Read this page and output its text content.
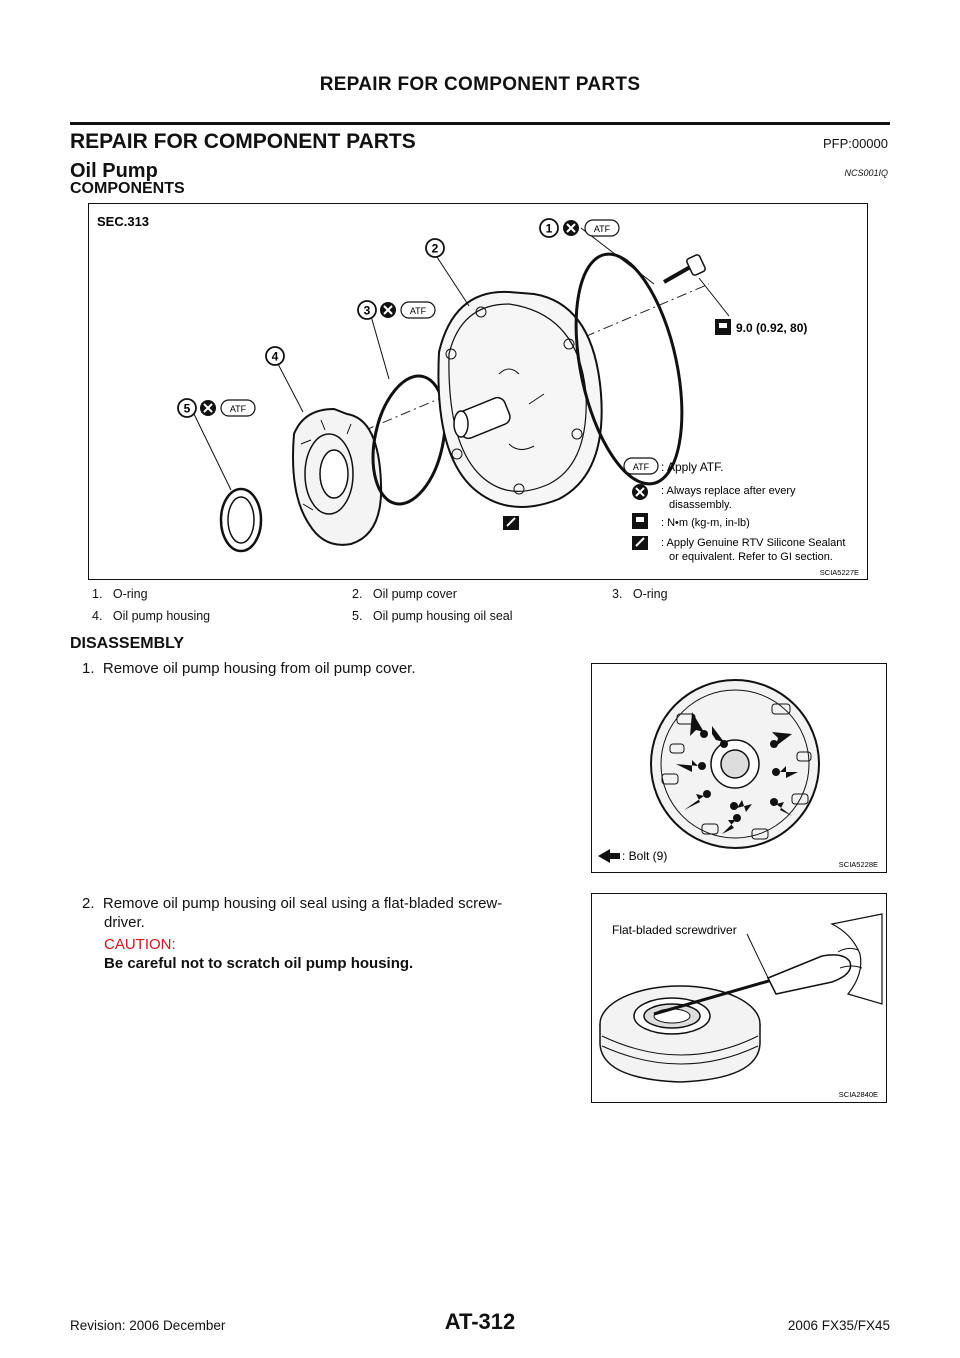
REPAIR FOR COMPONENT PARTS
REPAIR FOR COMPONENT PARTS	PFP:00000
Oil Pump	NCS001IQ
COMPONENTS
SEC.313	1	ATF
2
3	ATF
4
5	ATF
9.0 (0.92, 80)
ATF : Apply ATF.
: Always replace after every
disassembly.
: N•m (kg-m, in-lb)
: Apply Genuine RTV Silicone Sealant
or equivalent. Refer to GI section.
SCIA5227E
1. O-ring	2. Oil pump cover	3. O-ring
4. Oil pump housing	5. Oil pump housing oil seal
DISASSEMBLY
1. Remove oil pump housing from oil pump cover.
2. Remove oil pump housing oil seal using a flat-bladed screw-
driver.
CAUTION:
Be careful not to scratch oil pump housing.
: Bolt (9)
SCIA5228E
Flat-bladed screwdriver
SCIA2840E
Revision: 2006 December	AT-312	2006 FX35/FX45
